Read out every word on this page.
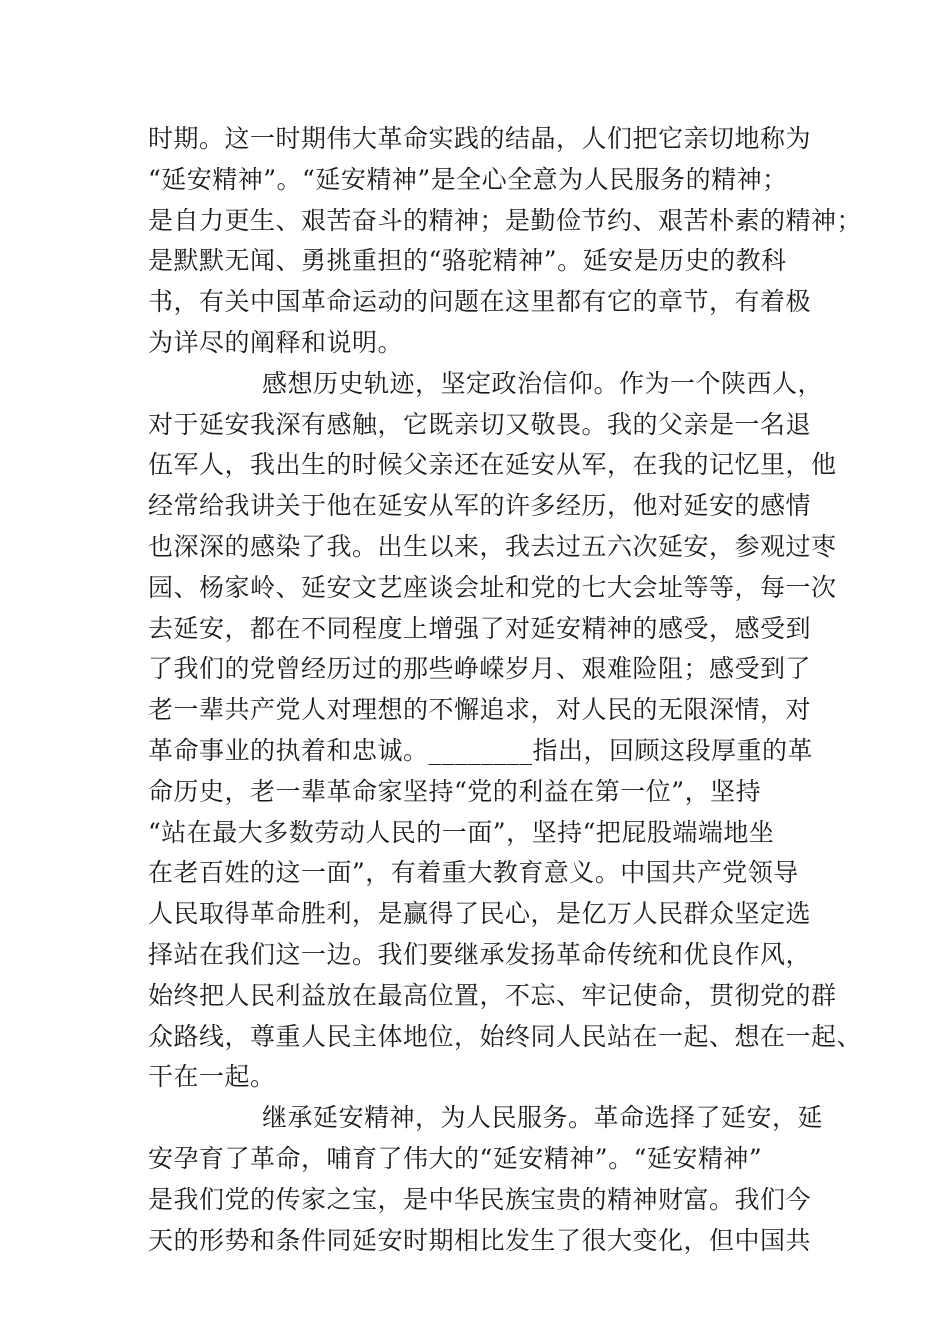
时期。这一时期伟大革命实践的结晶，人们把它亲切地称为
“延安精神”。“延安精神”是全心全意为人民服务的精神；
是自力更生、艰苦奋斗的精神；是勤俭节约、艰苦朴素的精神；
是默默无闻、勇挑重担的“骆驼精神”。延安是历史的教科
书，有关中国革命运动的问题在这里都有它的章节，有着极
为详尽的阐释和说明。
感想历史轨迹，坚定政治信仰。作为一个陕西人，
对于延安我深有感触，它既亲切又敬畏。我的父亲是一名退
伍军人，我出生的时候父亲还在延安从军，在我的记忆里，他
经常给我讲关于他在延安从军的许多经历，他对延安的感情
也深深的感染了我。出生以来，我去过五六次延安，参观过枣
园、杨家岭、延安文艺座谈会址和党的七大会址等等，每一次
去延安，都在不同程度上增强了对延安精神的感受，感受到
了我们的党曾经历过的那些峥嵘岁月、艰难险阻；感受到了
老一辈共产党人对理想的不懈追求，对人民的无限深情，对
革命事业的执着和忠诚。________指出，回顾这段厚重的革
命历史，老一辈革命家坚持“党的利益在第一位”，坚持
“站在最大多数劳动人民的一面”，坚持“把屁股端端地坐
在老百姓的这一面”，有着重大教育意义。中国共产党领导
人民取得革命胜利，是赢得了民心，是亿万人民群众坚定选
择站在我们这一边。我们要继承发扬革命传统和优良作风，
始终把人民利益放在最高位置，不忘、牢记使命，贯彻党的群
众路线，尊重人民主体地位，始终同人民站在一起、想在一起、
干在一起。
继承延安精神，为人民服务。革命选择了延安，延
安孕育了革命，哺育了伟大的“延安精神”。“延安精神”
是我们党的传家之宝，是中华民族宝贵的精神财富。我们今
天的形势和条件同延安时期相比发生了很大变化，但中国共
